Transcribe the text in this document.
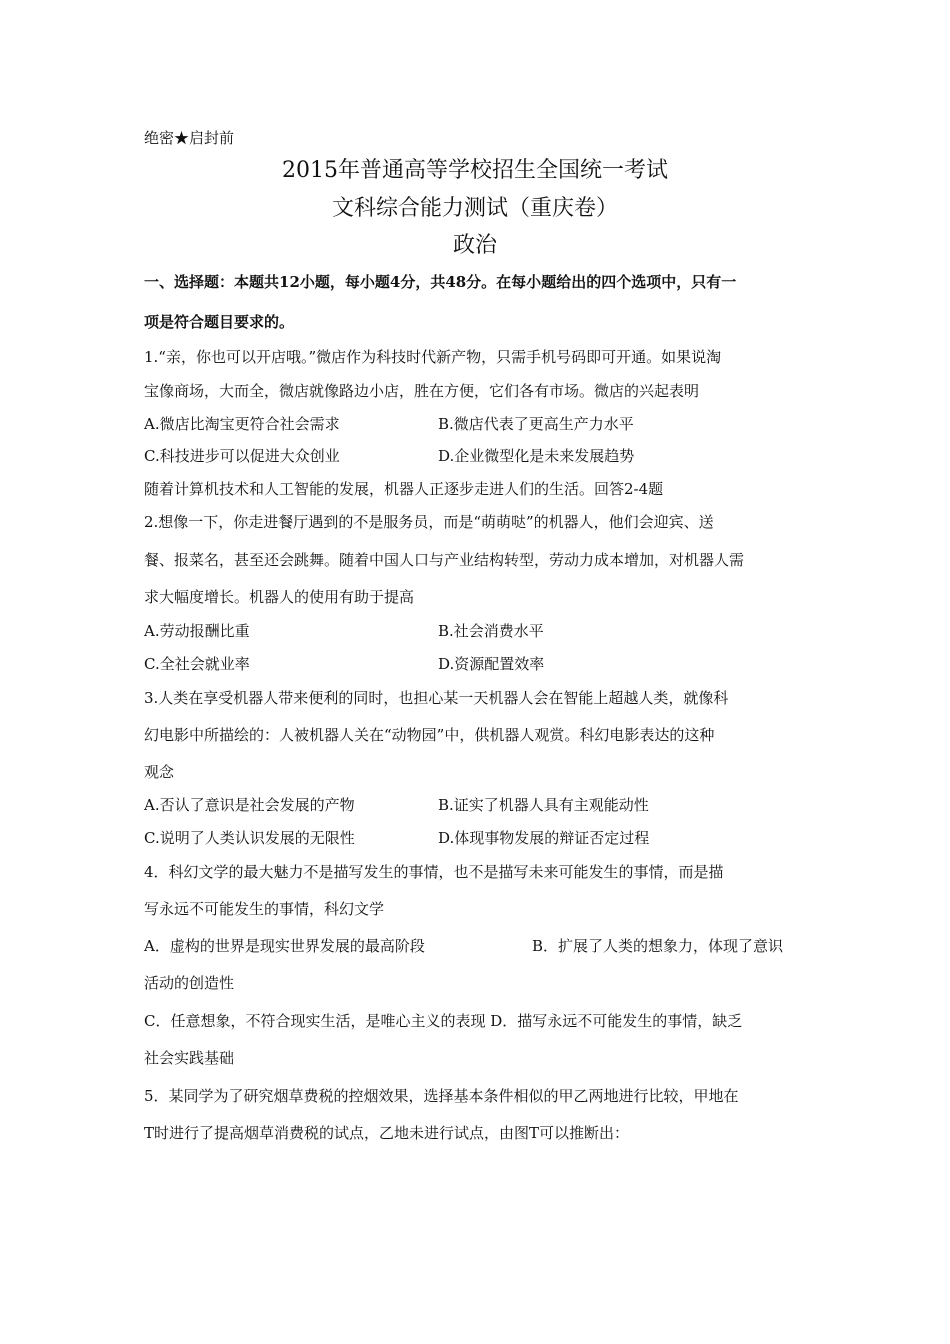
绝密★启封前
2015年普通高等学校招生全国统一考试
文科综合能力测试（重庆卷）
政治
一、选择题：本题共12小题，每小题4分，共48分。在每小题给出的四个选项中，只有一
项是符合题目要求的。
1.“亲，你也可以开店哦。”微店作为科技时代新产物，只需手机号码即可开通。如果说淘
宝像商场，大而全，微店就像路边小店，胜在方便，它们各有市场。微店的兴起表明
A.微店比淘宝更符合社会需求	B.微店代表了更高生产力水平
C.科技进步可以促进大众创业	D.企业微型化是未来发展趋势
随着计算机技术和人工智能的发展，机器人正逐步走进人们的生活。回答2-4题
2.想像一下，你走进餐厅遇到的不是服务员，而是“萌萌哒”的机器人，他们会迎宾、送
餐、报菜名，甚至还会跳舞。随着中国人口与产业结构转型，劳动力成本增加，对机器人需
求大幅度增长。机器人的使用有助于提高
A.劳动报酬比重	B.社会消费水平
C.全社会就业率	D.资源配置效率
3.人类在享受机器人带来便利的同时，也担心某一天机器人会在智能上超越人类，就像科
幻电影中所描绘的：人被机器人关在“动物园”中，供机器人观赏。科幻电影表达的这种
观念
A.否认了意识是社会发展的产物	B.证实了机器人具有主观能动性
C.说明了人类认识发展的无限性	D.体现事物发展的辩证否定过程
4．科幻文学的最大魅力不是描写发生的事情，也不是描写未来可能发生的事情，而是描
写永远不可能发生的事情，科幻文学
A．虚构的世界是现实世界发展的最高阶段	B．扩展了人类的想象力，体现了意识
活动的创造性
C．任意想象，不符合现实生活，是唯心主义的表现 D．描写永远不可能发生的事情，缺乏
社会实践基础
5．某同学为了研究烟草费税的控烟效果，选择基本条件相似的甲乙两地进行比较，甲地在
T时进行了提高烟草消费税的试点，乙地未进行试点，由图T可以推断出：
